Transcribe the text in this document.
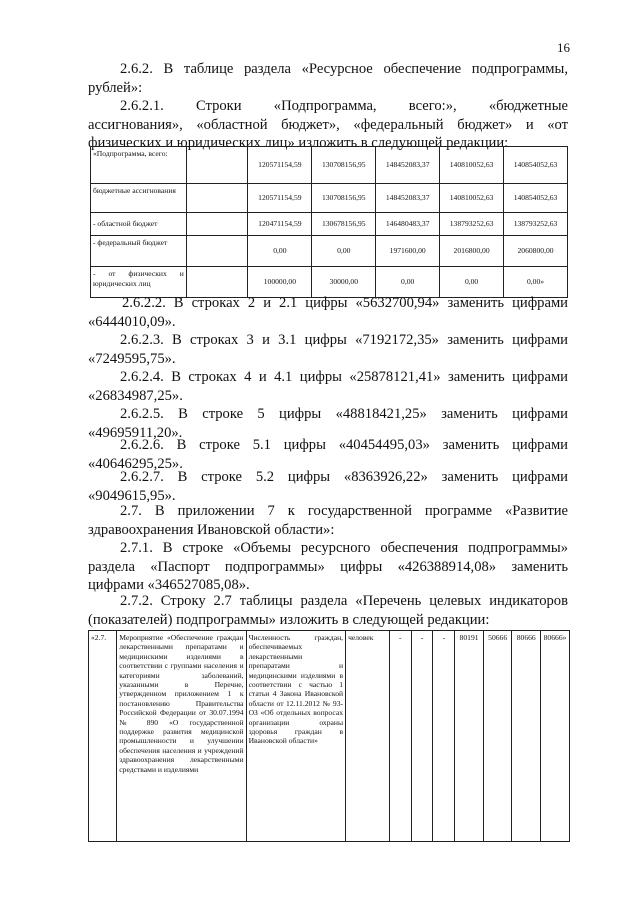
16

2.6.2. В таблице раздела «Ресурсное обеспечение подпрограммы,
рублей»:

2.6.2.1. Строки «Подпрограмма, всего:», «бюджетные
ассигнования», «областной бюджет», «федеральный бюджет» и «от
физических и юридических лиц» изложить в следующей редакции:

«Подпрограмма, всего:		120571154,59	130708156,95	148452083,37	140810052,63	140854052,63
бюджетные ассигнования		120571154,59	130708156,95	148452083,37	140810052,63	140854052,63
- областной бюджет		120471154,59	130678156,95	146480483,37	138793252,63	138793252,63
- федеральный бюджет		0,00	0,00	1971600,00	2016800,00	2060800,00
- от физических и юридических лиц		100000,00	30000,00	0,00	0,00	0,00»

2.6.2.2. В строках 2 и 2.1 цифры «5632700,94» заменить цифрами
«6444010,09».

2.6.2.3. В строках 3 и 3.1 цифры «7192172,35» заменить цифрами
«7249595,75».

2.6.2.4. В строках 4 и 4.1 цифры «25878121,41» заменить цифрами
«26834987,25».

2.6.2.5. В строке 5 цифры «48818421,25» заменить цифрами
«49695911,20».

2.6.2.6. В строке 5.1 цифры «40454495,03» заменить цифрами
«40646295,25».

2.6.2.7. В строке 5.2 цифры «8363926,22» заменить цифрами
«9049615,95».

2.7. В приложении 7 к государственной программе «Развитие
здравоохранения Ивановской области»:

2.7.1. В строке «Объемы ресурсного обеспечения подпрограммы»
раздела «Паспорт подпрограммы» цифры «426388914,08» заменить
цифрами «346527085,08».

2.7.2. Строку 2.7 таблицы раздела «Перечень целевых индикаторов
(показателей) подпрограммы» изложить в следующей редакции:

«2.7.	Мероприятие «Обеспечение граждан лекарственными препаратами и медицинскими изделиями в соответствии с группами населения и категориями заболеваний, указанными в Перечне, утвержденном приложением 1 к постановлению Правительства Российской Федерации от 30.07.1994 № 890 «О государственной поддержке развития медицинской промышленности и улучшении обеспечения населения и учреждений здравоохранения лекарственными средствами и изделиями	Численность граждан, обеспечиваемых лекарственными препаратами и медицинскими изделиями в соответствии с частью 1 статьи 4 Закона Ивановской области от 12.11.2012 № 93-ОЗ «Об отдельных вопросах организации охраны здоровья граждан в Ивановской области»	человек	-	-	-	80191	50666	80666	80666»
